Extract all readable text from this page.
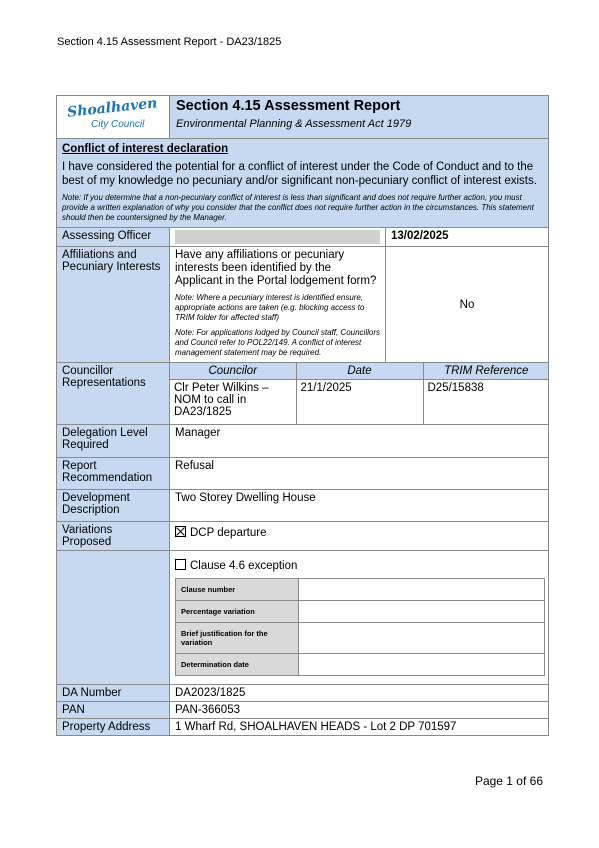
Section 4.15 Assessment Report - DA23/1825
Shoalhaven
City Council

Section 4.15 Assessment Report
Environmental Planning & Assessment Act 1979

Conflict of interest declaration
I have considered the potential for a conflict of interest under the Code of Conduct and to the best of my knowledge no pecuniary and/or significant non-pecuniary conflict of interest exists.
Note: If you determine that a non-pecuniary conflict of interest is less than significant and does not require further action, you must provide a written explanation of why you consider that the conflict does not require further action in the circumstances. This statement should then be countersigned by the Manager.

Assessing Officer		13/02/2025
Affiliations and Pecuniary Interests	
Have any affiliations or pecuniary interests been identified by the Applicant in the Portal lodgement form?
Note: Where a pecuniary interest is identified ensure, appropriate actions are taken (e.g. blocking access to TRIM folder for affected staff)
Note: For applications lodged by Council staff, Councillors and Council refer to POL22/149. A conflict of interest management statement may be required.
	No
Councillor Representations	
Councilor	Date	TRIM Reference
Clr Peter Wilkins – NOM to call in DA23/1825	21/1/2025	D25/15838

Delegation Level Required	Manager
Report Recommendation	Refusal
Development Description	Two Storey Dwelling House
Variations Proposed	DCP departure
	Clause 4.6 exception
Clause number	
Percentage variation	
Brief justification for the variation	
Determination date	

DA Number	DA2023/1825
PAN	PAN-366053
Property Address	1 Wharf Rd, SHOALHAVEN HEADS - Lot 2 DP 701597
Page 1 of 66
